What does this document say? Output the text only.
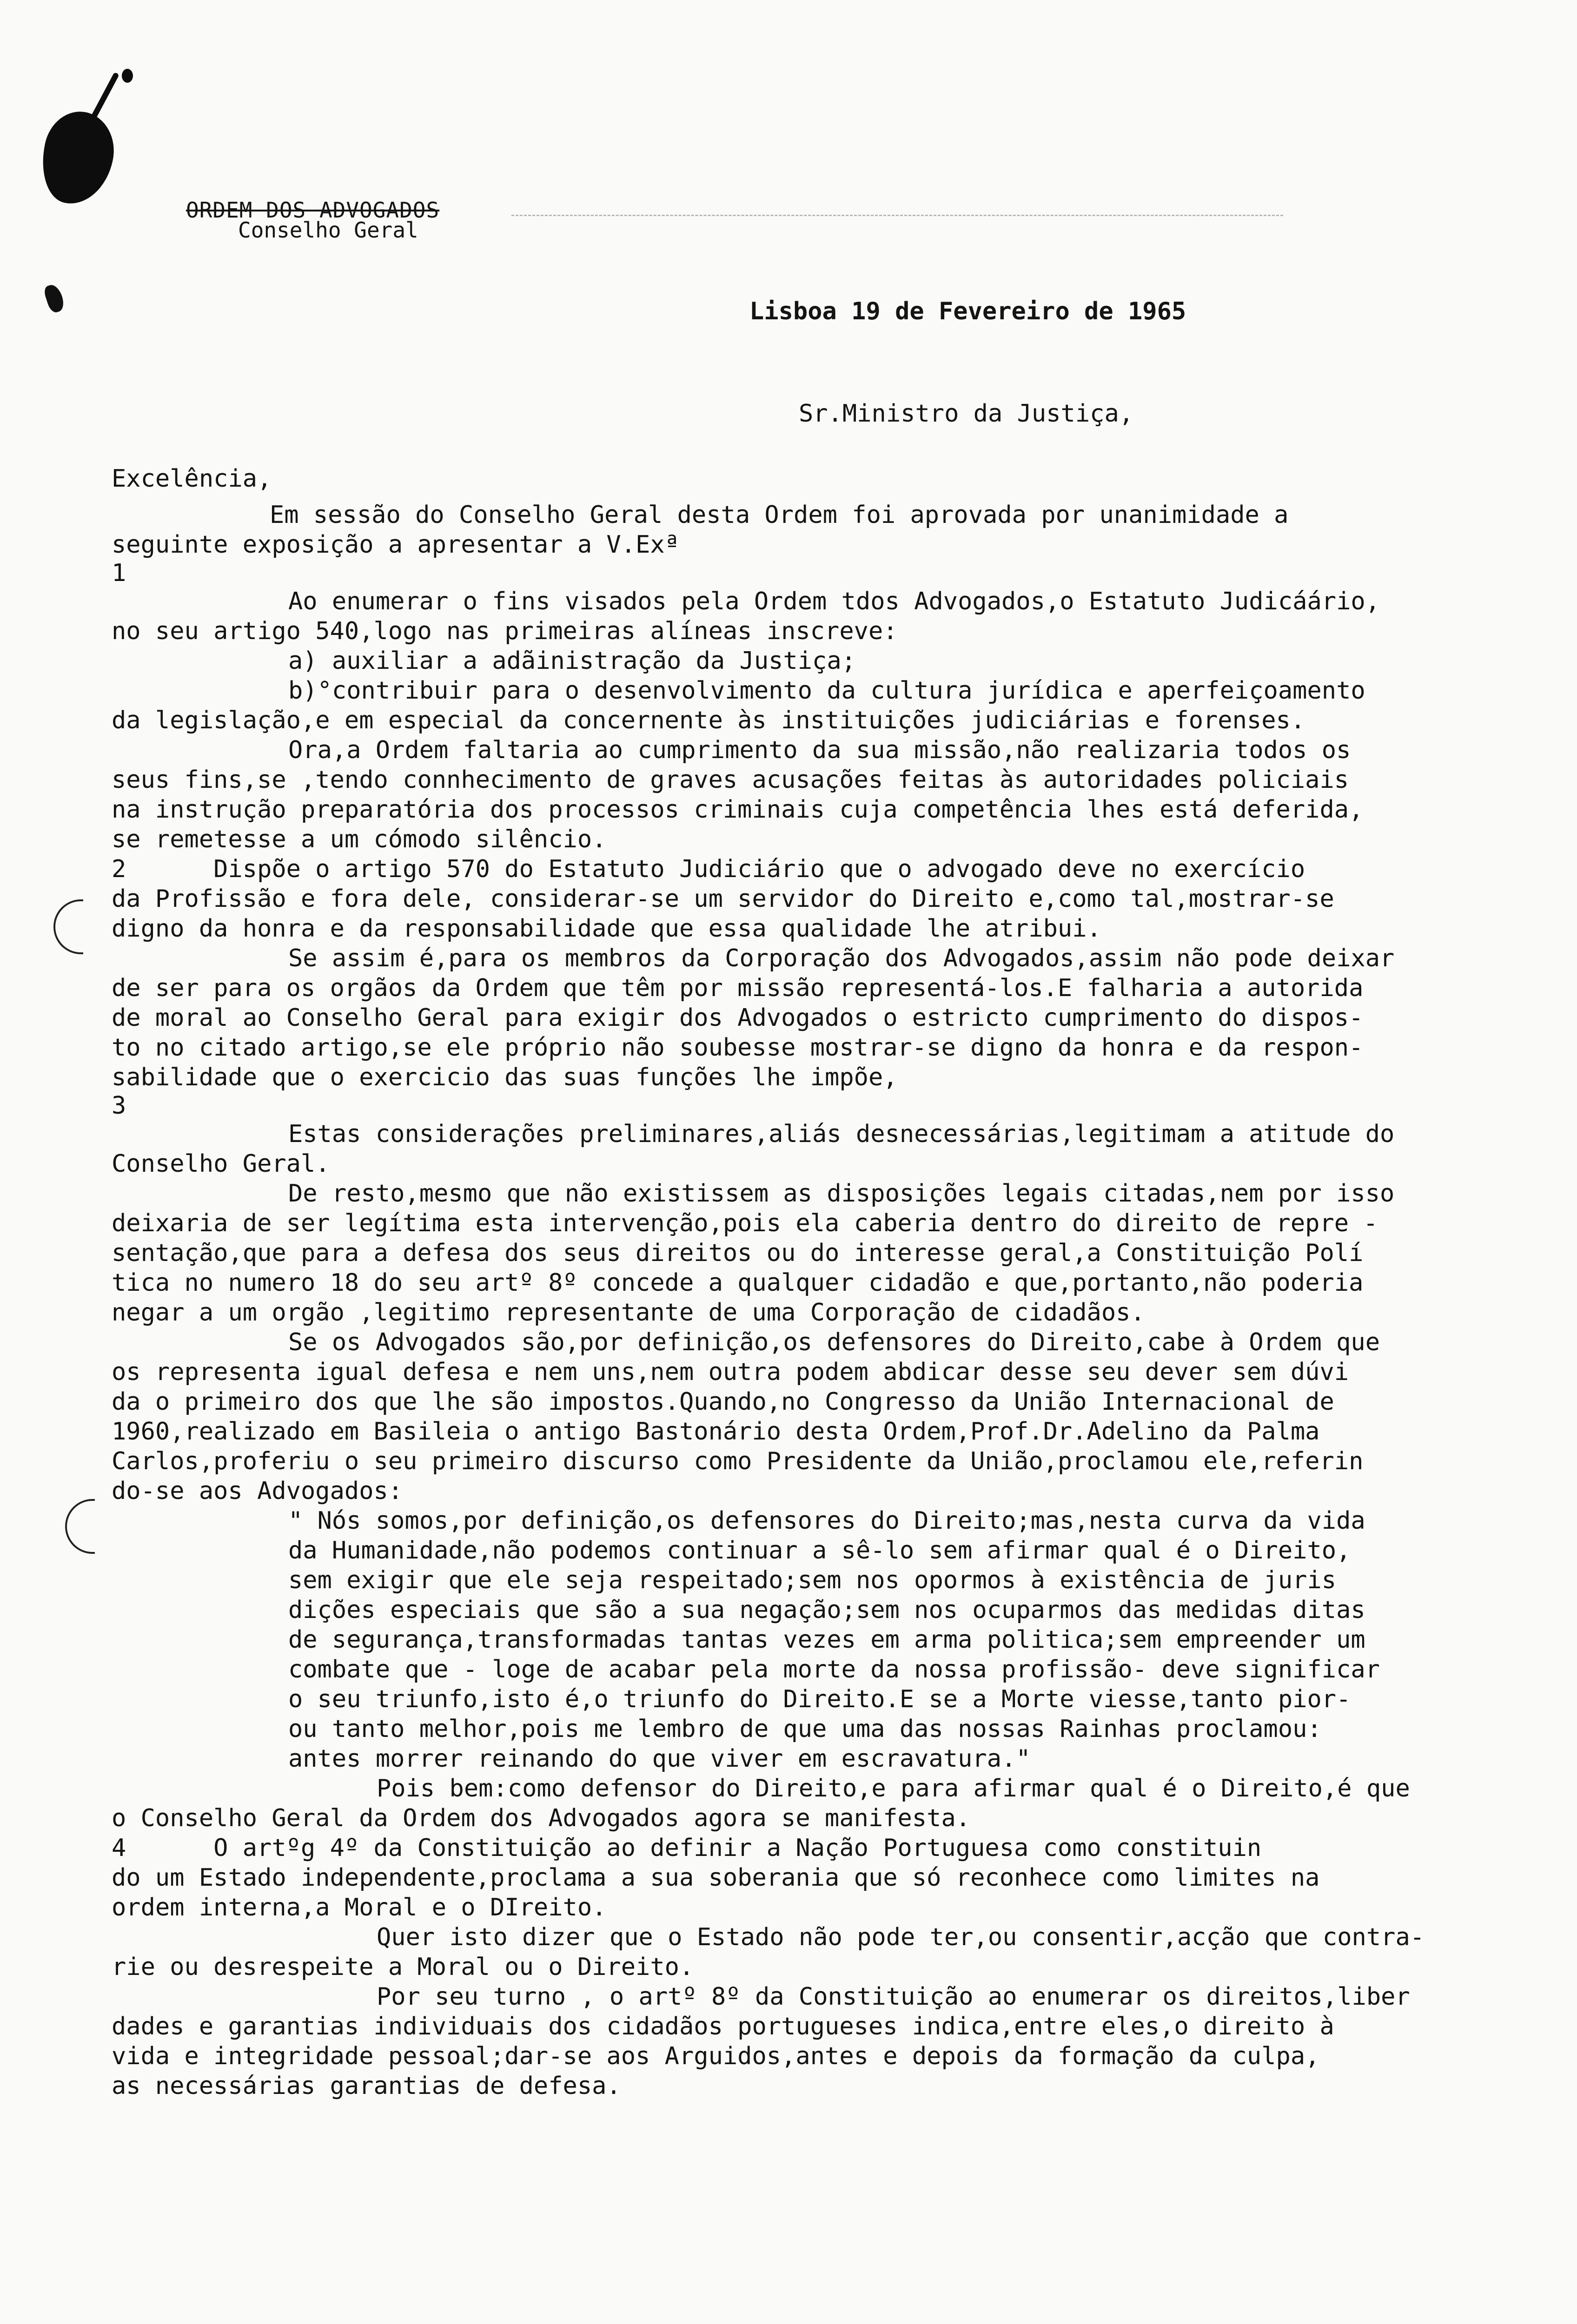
ORDEM DOS ADVOGADOS
Conselho Geral
Lisboa 19 de Fevereiro de 1965
Sr.Ministro da Justiça,
Excelência,
Em sessão do Conselho Geral desta Ordem foi aprovada por unanimidade a
seguinte exposição a apresentar a V.Exª
1
Ao enumerar o fins visados pela Ordem tdos Advogados,o Estatuto Judicáário,
no seu artigo 540,logo nas primeiras alíneas inscreve:
a) auxiliar a adãinistração da Justiça;
b)°contribuir para o desenvolvimento da cultura jurídica e aperfeiçoamento
da legislação,e em especial da concernente às instituições judiciárias e forenses.
Ora,a Ordem faltaria ao cumprimento da sua missão,não realizaria todos os
seus fins,se ,tendo connhecimento de graves acusações feitas às autoridades policiais
na instrução preparatória dos processos criminais cuja competência lhes está deferida,
se remetesse a um cómodo silêncio.
2      Dispõe o artigo 570 do Estatuto Judiciário que o advogado deve no exercício
da Profissão e fora dele, considerar-se um servidor do Direito e,como tal,mostrar-se
digno da honra e da responsabilidade que essa qualidade lhe atribui.
Se assim é,para os membros da Corporação dos Advogados,assim não pode deixar
de ser para os orgãos da Ordem que têm por missão representá-los.E falharia a autorida
de moral ao Conselho Geral para exigir dos Advogados o estricto cumprimento do dispos-
to no citado artigo,se ele próprio não soubesse mostrar-se digno da honra e da respon-
sabilidade que o exercicio das suas funções lhe impõe,
3
Estas considerações preliminares,aliás desnecessárias,legitimam a atitude do
Conselho Geral.
De resto,mesmo que não existissem as disposições legais citadas,nem por isso
deixaria de ser legítima esta intervenção,pois ela caberia dentro do direito de repre -
sentação,que para a defesa dos seus direitos ou do interesse geral,a Constituição Polí
tica no numero 18 do seu artº 8º concede a qualquer cidadão e que,portanto,não poderia
negar a um orgão ,legitimo representante de uma Corporação de cidadãos.
Se os Advogados são,por definição,os defensores do Direito,cabe à Ordem que
os representa igual defesa e nem uns,nem outra podem abdicar desse seu dever sem dúvi
da o primeiro dos que lhe são impostos.Quando,no Congresso da União Internacional de
1960,realizado em Basileia o antigo Bastonário desta Ordem,Prof.Dr.Adelino da Palma
Carlos,proferiu o seu primeiro discurso como Presidente da União,proclamou ele,referin
do-se aos Advogados:
" Nós somos,por definição,os defensores do Direito;mas,nesta curva da vida
da Humanidade,não podemos continuar a sê-lo sem afirmar qual é o Direito,
sem exigir que ele seja respeitado;sem nos opormos à existência de juris
dições especiais que são a sua negação;sem nos ocuparmos das medidas ditas
de segurança,transformadas tantas vezes em arma politica;sem empreender um
combate que - loge de acabar pela morte da nossa profissão- deve significar
o seu triunfo,isto é,o triunfo do Direito.E se a Morte viesse,tanto pior-
ou tanto melhor,pois me lembro de que uma das nossas Rainhas proclamou:
antes morrer reinando do que viver em escravatura."
Pois bem:como defensor do Direito,e para afirmar qual é o Direito,é que
o Conselho Geral da Ordem dos Advogados agora se manifesta.
4      O artºg 4º da Constituição ao definir a Nação Portuguesa como constituin
do um Estado independente,proclama a sua soberania que só reconhece como limites na
ordem interna,a Moral e o DIreito.
Quer isto dizer que o Estado não pode ter,ou consentir,acção que contra-
rie ou desrespeite a Moral ou o Direito.
Por seu turno , o artº 8º da Constituição ao enumerar os direitos,liber
dades e garantias individuais dos cidadãos portugueses indica,entre eles,o direito à
vida e integridade pessoal;dar-se aos Arguidos,antes e depois da formação da culpa,
as necessárias garantias de defesa.
